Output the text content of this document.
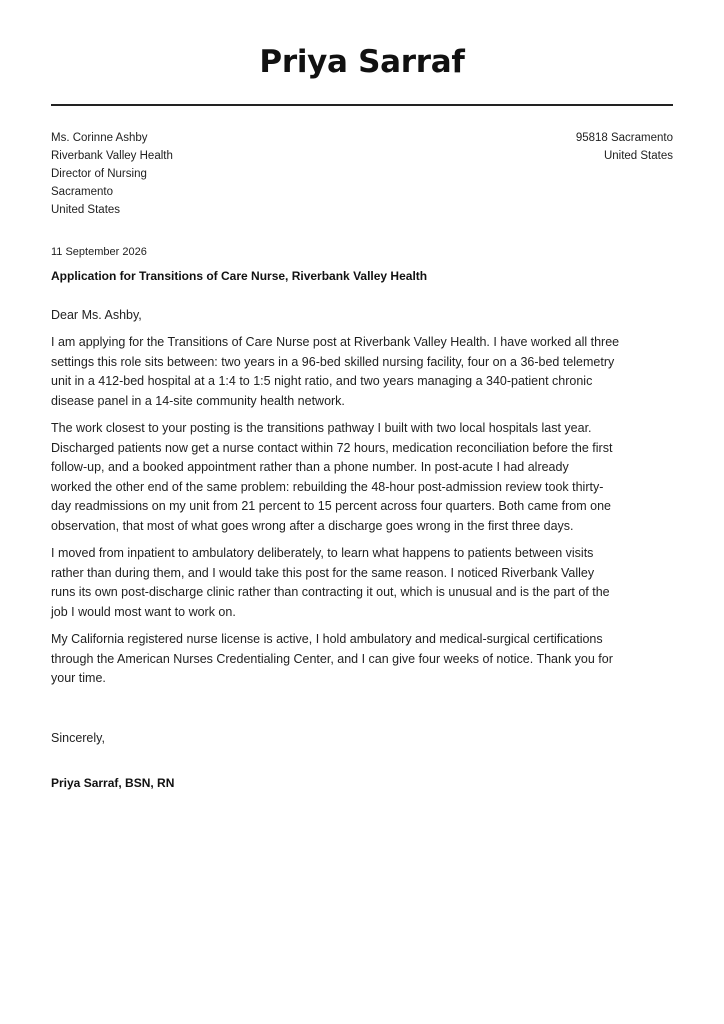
Priya Sarraf
Ms. Corinne Ashby
Riverbank Valley Health
Director of Nursing
Sacramento
United States
95818 Sacramento
United States
11 September 2026
Application for Transitions of Care Nurse, Riverbank Valley Health
Dear Ms. Ashby,

I am applying for the Transitions of Care Nurse post at Riverbank Valley Health. I have worked all three
settings this role sits between: two years in a 96-bed skilled nursing facility, four on a 36-bed telemetry
unit in a 412-bed hospital at a 1:4 to 1:5 night ratio, and two years managing a 340-patient chronic
disease panel in a 14-site community health network.

The work closest to your posting is the transitions pathway I built with two local hospitals last year.
Discharged patients now get a nurse contact within 72 hours, medication reconciliation before the first
follow-up, and a booked appointment rather than a phone number. In post-acute I had already
worked the other end of the same problem: rebuilding the 48-hour post-admission review took thirty-
day readmissions on my unit from 21 percent to 15 percent across four quarters. Both came from one
observation, that most of what goes wrong after a discharge goes wrong in the first three days.

I moved from inpatient to ambulatory deliberately, to learn what happens to patients between visits
rather than during them, and I would take this post for the same reason. I noticed Riverbank Valley
runs its own post-discharge clinic rather than contracting it out, which is unusual and is the part of the
job I would most want to work on.

My California registered nurse license is active, I hold ambulatory and medical-surgical certifications
through the American Nurses Credentialing Center, and I can give four weeks of notice. Thank you for
your time.

Sincerely,
Priya Sarraf, BSN, RN
